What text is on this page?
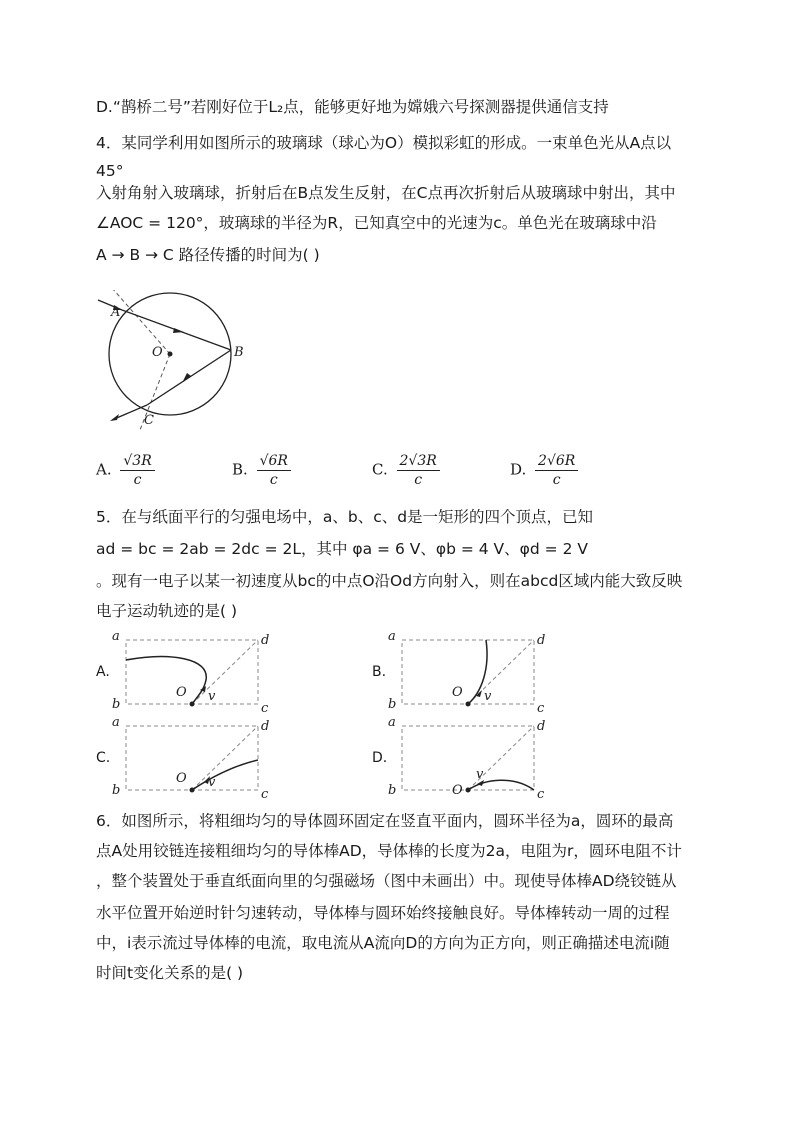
D.“鹊桥二号”若刚好位于L₂点，能够更好地为嫦娥六号探测器提供通信支持
4．某同学利用如图所示的玻璃球（球心为O）模拟彩虹的形成。一束单色光从A点以
45°
入射角射入玻璃球，折射后在B点发生反射，在C点再次折射后从玻璃球中射出，其中
∠AOC = 120°，玻璃球的半径为R，已知真空中的光速为c。单色光在玻璃球中沿
A → B → C 路径传播的时间为( )
A
O	B
C
A. $\frac{√3R}{c}$	B. $\frac{√6R}{c}$	C. $\frac{2√3R}{c}$	D. $\frac{2√6R}{c}$
5．在与纸面平行的匀强电场中，a、b、c、d是一矩形的四个顶点，已知
ad = bc = 2ab = 2dc = 2L，其中 φa = 6 V、φb = 4 V、φd = 2 V
。现有一电子以某一初速度从bc的中点O沿Od方向射入，则在abcd区域内能大致反映
电子运动轨迹的是( )
A.
a
b	c
d
O v
B.
a
b	c
d
O v
C.
a
b	c
d
O v
D.
a
b	c
d
O
v
6．如图所示，将粗细均匀的导体圆环固定在竖直平面内，圆环半径为a，圆环的最高
点A处用铰链连接粗细均匀的导体棒AD，导体棒的长度为2a，电阻为r，圆环电阻不计
，整个装置处于垂直纸面向里的匀强磁场（图中未画出）中。现使导体棒AD绕铰链从
水平位置开始逆时针匀速转动，导体棒与圆环始终接触良好。导体棒转动一周的过程
中，i表示流过导体棒的电流，取电流从A流向D的方向为正方向，则正确描述电流i随
时间t变化关系的是( )
